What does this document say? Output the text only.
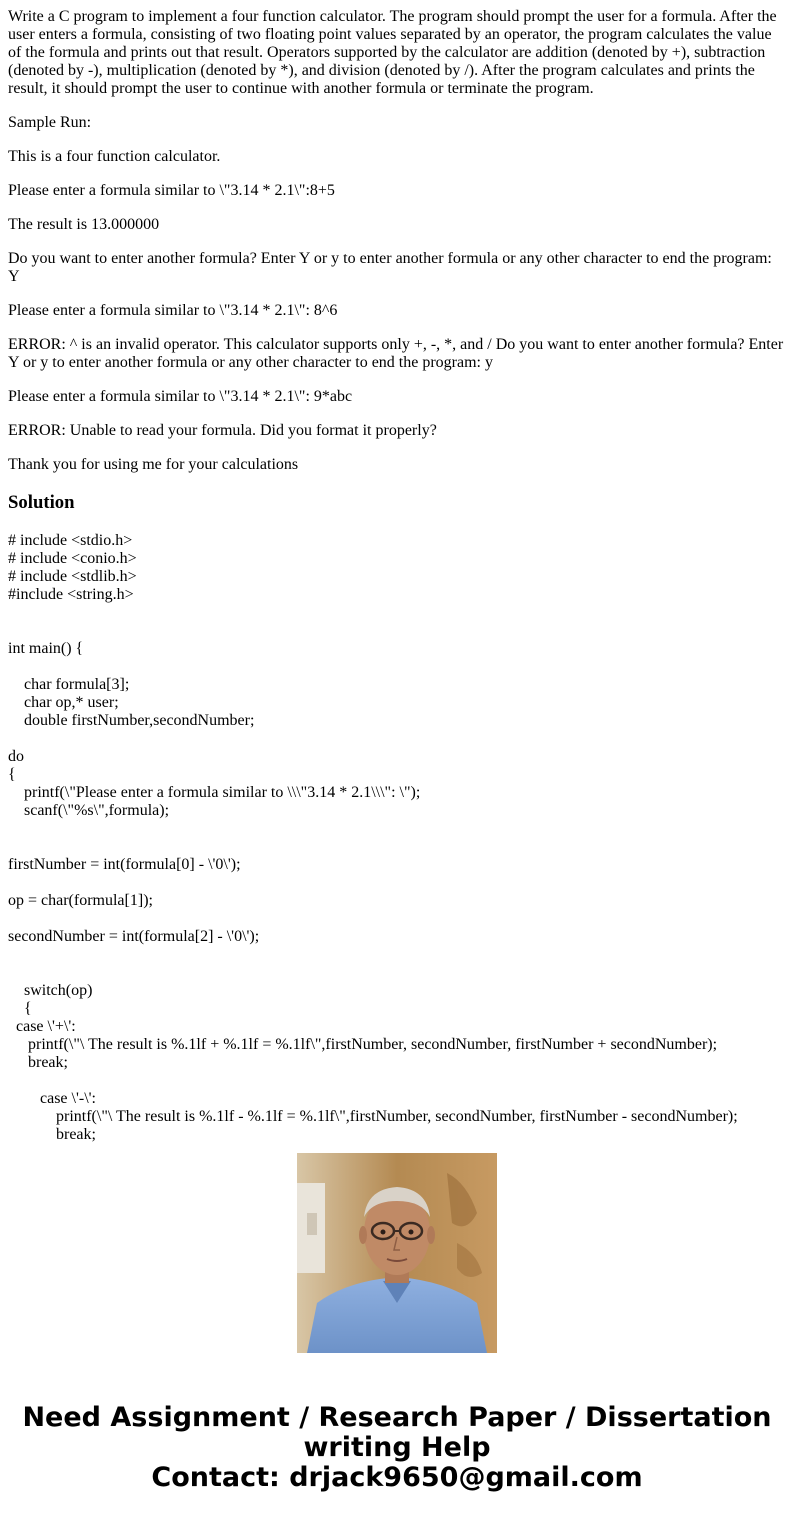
Write a C program to implement a four function calculator. The program should prompt the user for a formula. After the user enters a formula, consisting of two floating point values separated by an operator, the program calculates the value of the formula and prints out that result. Operators supported by the calculator are addition (denoted by +), subtraction (denoted by -), multiplication (denoted by *), and division (denoted by /). After the program calculates and prints the result, it should prompt the user to continue with another formula or terminate the program.

Sample Run:

This is a four function calculator.

Please enter a formula similar to \"3.14 * 2.1\":8+5

The result is 13.000000

Do you want to enter another formula? Enter Y or y to enter another formula or any other character to end the program: Y

Please enter a formula similar to \"3.14 * 2.1\": 8^6

ERROR: ^ is an invalid operator. This calculator supports only +, -, *, and / Do you want to enter another formula? Enter Y or y to enter another formula or any other character to end the program: y

Please enter a formula similar to \"3.14 * 2.1\": 9*abc

ERROR: Unable to read your formula. Did you format it properly?

Thank you for using me for your calculations

Solution
# include <stdio.h>
# include <conio.h>
# include <stdlib.h>
#include <string.h>
int main() {
char formula[3];
char op,* user;
double firstNumber,secondNumber;
do
{
printf(\"Please enter a formula similar to \\\"3.14 * 2.1\\\": \");
scanf(\"%s\",formula);
firstNumber = int(formula[0] - \'0\');
op = char(formula[1]);
secondNumber = int(formula[2] - \'0\');
switch(op)
{
case \'+\':
printf(\"\ The result is %.1lf + %.1lf = %.1lf\",firstNumber, secondNumber, firstNumber + secondNumber);
break;
case \'-\':
printf(\"\ The result is %.1lf - %.1lf = %.1lf\",firstNumber, secondNumber, firstNumber - secondNumber);
break;
Need Assignment / Research Paper / Dissertation
writing Help
Contact: drjack9650@gmail.com
